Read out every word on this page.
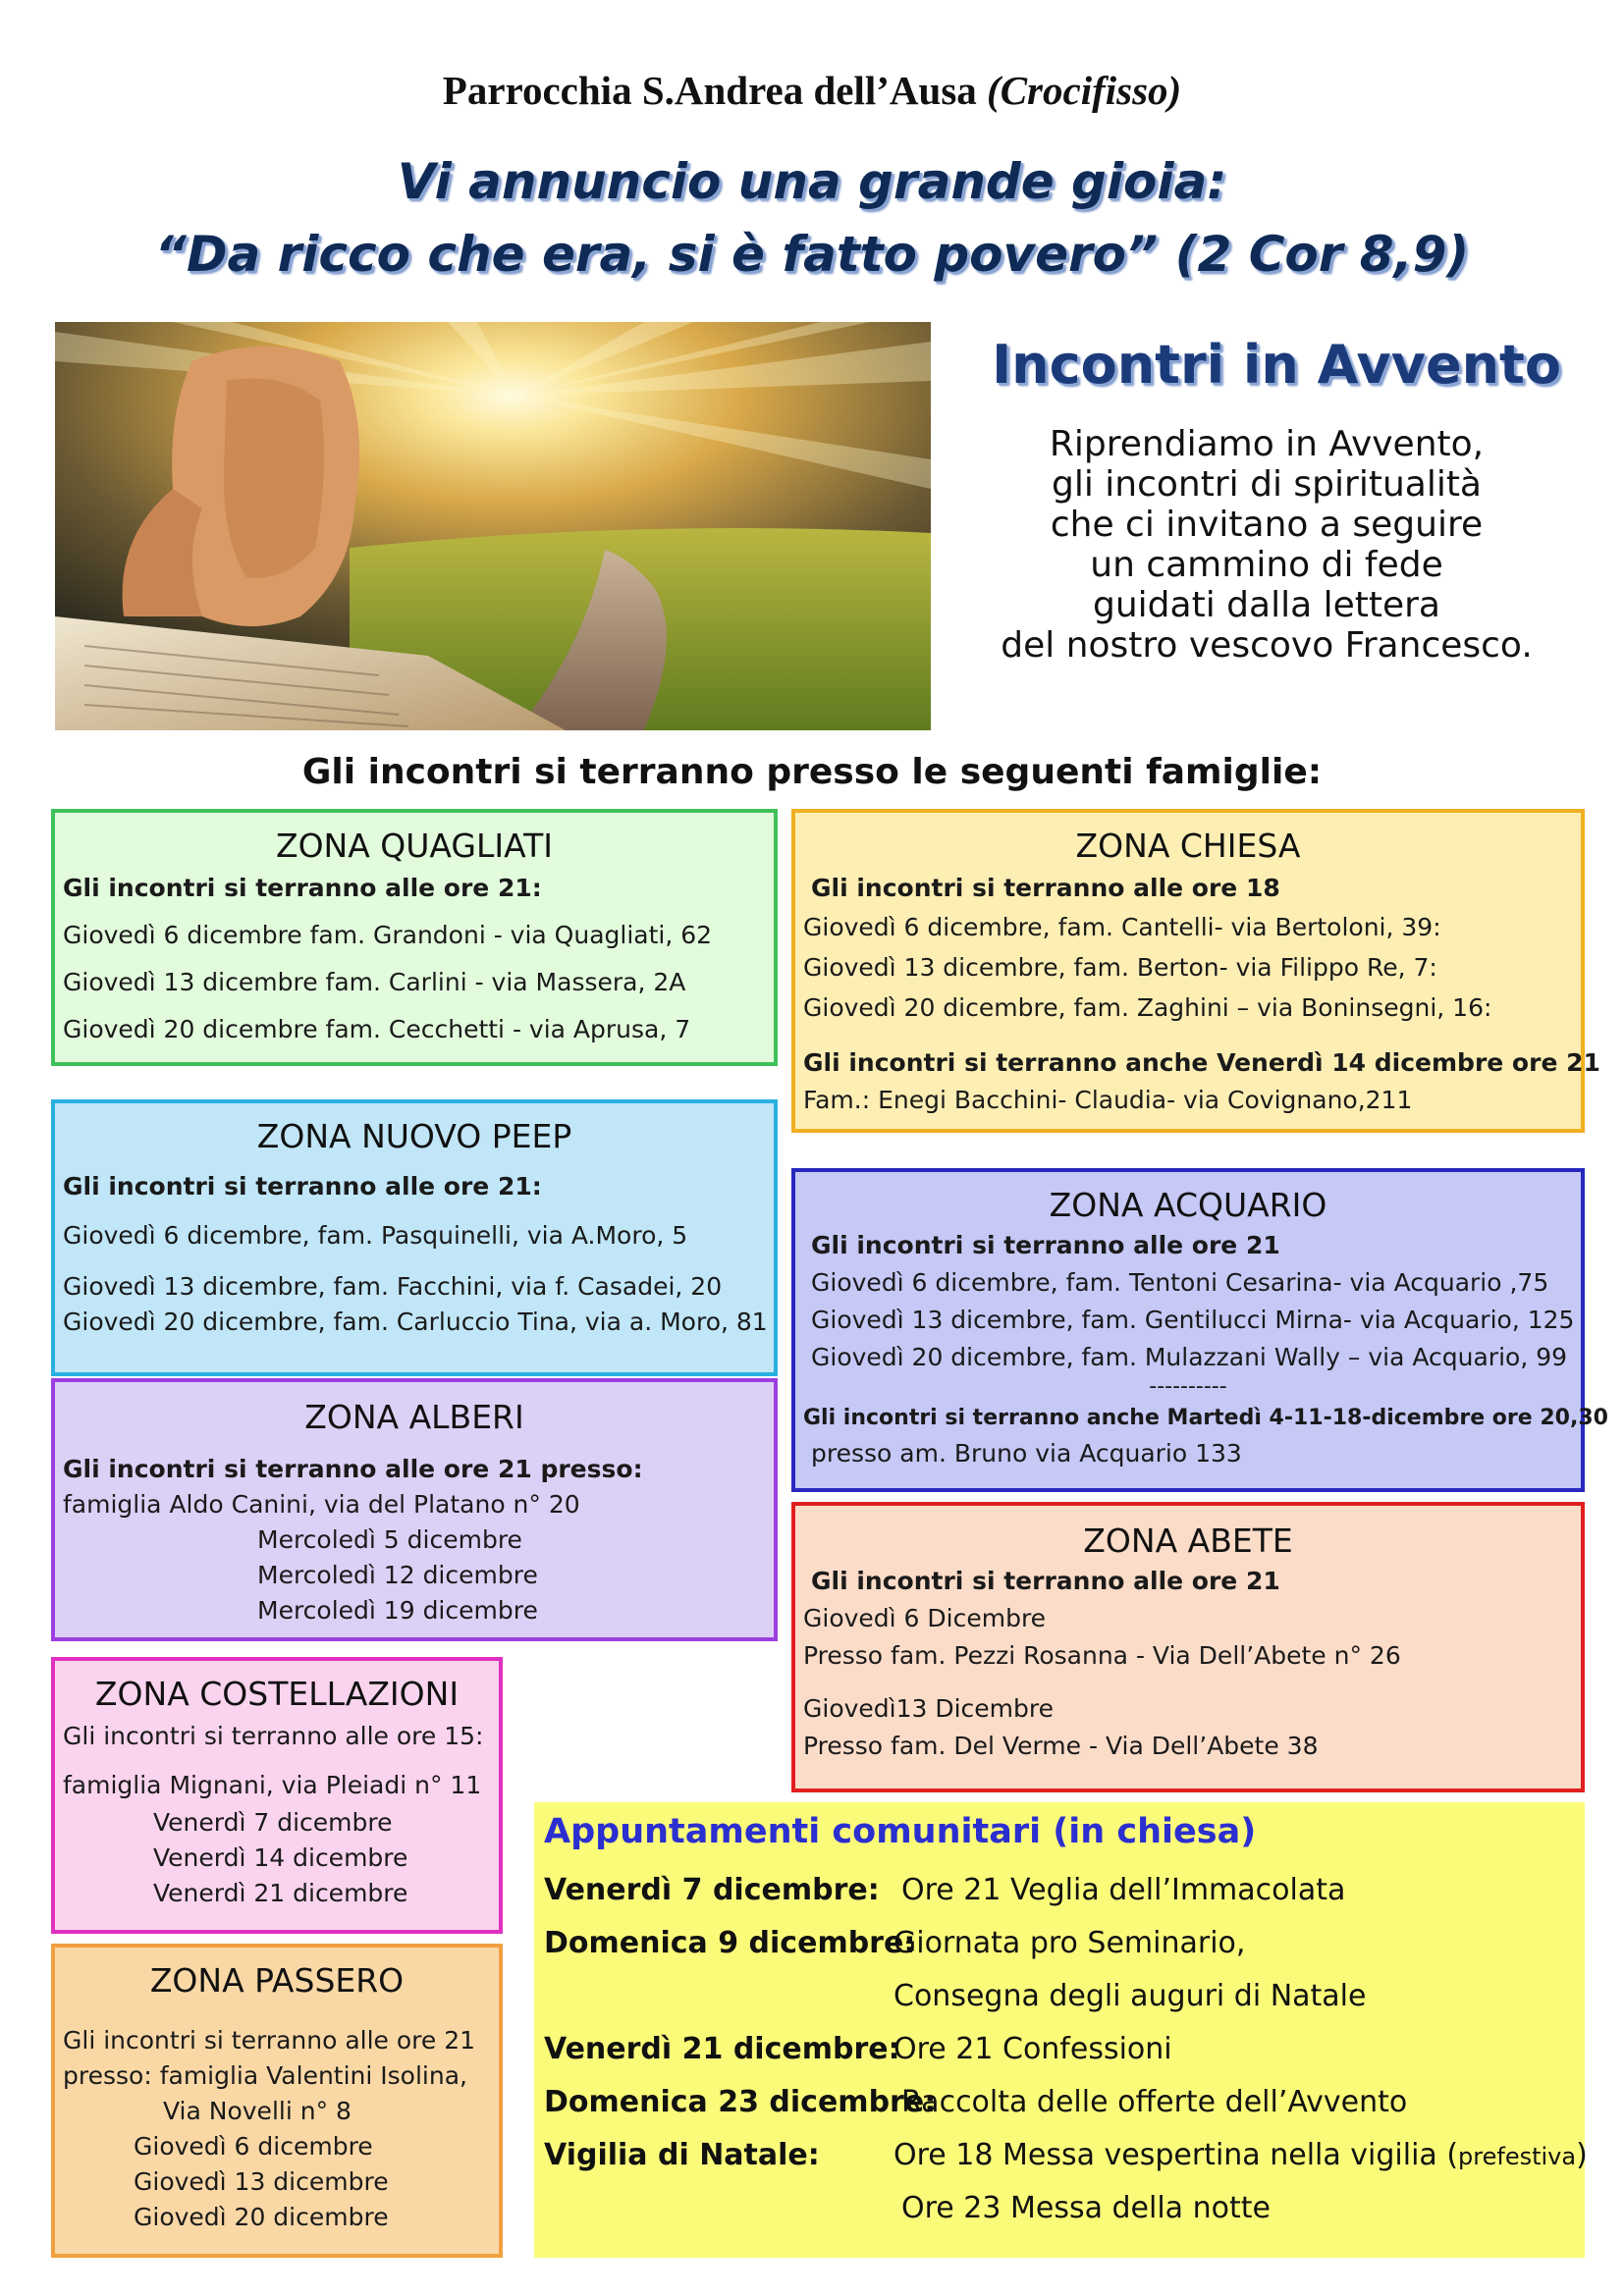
Parrocchia S.Andrea dell’Ausa (Crocifisso)
Vi annuncio una grande gioia:
“Da ricco che era, si è fatto povero” (2 Cor 8,9)
Incontri in Avvento
Riprendiamo in Avvento,
gli incontri di spiritualità
che ci invitano a seguire
un cammino di fede
guidati dalla lettera
del nostro vescovo Francesco.
Gli incontri si terranno presso le seguenti famiglie:
ZONA QUAGLIATI
Gli incontri si terranno alle ore 21:
Giovedì 6 dicembre fam. Grandoni - via Quagliati, 62
Giovedì 13 dicembre fam. Carlini - via Massera, 2A
Giovedì 20 dicembre fam. Cecchetti - via Aprusa, 7
ZONA CHIESA
Gli incontri si terranno alle ore 18
Giovedì 6 dicembre, fam. Cantelli- via Bertoloni, 39:
Giovedì 13 dicembre, fam. Berton- via Filippo Re, 7:
Giovedì 20 dicembre, fam. Zaghini – via Boninsegni, 16:
Gli incontri si terranno anche Venerdì 14 dicembre ore 21
Fam.: Enegi Bacchini- Claudia- via Covignano,211
ZONA NUOVO PEEP
Gli incontri si terranno alle ore 21:
Giovedì 6 dicembre, fam. Pasquinelli, via A.Moro, 5
Giovedì 13 dicembre, fam. Facchini, via f. Casadei, 20
Giovedì 20 dicembre, fam. Carluccio Tina, via a. Moro, 81
ZONA ACQUARIO
Gli incontri si terranno alle ore 21
Giovedì 6 dicembre, fam. Tentoni Cesarina- via Acquario ,75
Giovedì 13 dicembre, fam. Gentilucci Mirna- via Acquario, 125
Giovedì 20 dicembre, fam. Mulazzani Wally – via Acquario, 99
----------
Gli incontri si terranno anche Martedì 4-11-18-dicembre ore 20,30
presso am. Bruno via Acquario 133
ZONA ALBERI
Gli incontri si terranno alle ore 21 presso:
famiglia Aldo Canini, via del Platano n° 20
Mercoledì 5 dicembre
Mercoledì 12 dicembre
Mercoledì 19 dicembre
ZONA ABETE
Gli incontri si terranno alle ore 21
Giovedì 6 Dicembre
Presso fam. Pezzi Rosanna - Via Dell’Abete n° 26
Giovedì13 Dicembre
Presso fam. Del Verme - Via Dell’Abete 38
ZONA COSTELLAZIONI
Gli incontri si terranno alle ore 15:
famiglia Mignani, via Pleiadi n° 11
Venerdì 7 dicembre
Venerdì 14 dicembre
Venerdì 21 dicembre
ZONA PASSERO
Gli incontri si terranno alle ore 21
presso: famiglia Valentini Isolina,
Via Novelli n° 8
Giovedì 6 dicembre
Giovedì 13 dicembre
Giovedì 20 dicembre
Appuntamenti comunitari (in chiesa)
Venerdì 7 dicembre: Ore 21 Veglia dell’Immacolata
Domenica 9 dicembre:
Giornata pro Seminario,
Consegna degli auguri di Natale
Venerdì 21 dicembre:
Ore 21 Confessioni
Domenica 23 dicembre:
Raccolta delle offerte dell’Avvento
Vigilia di Natale:	Ore 18 Messa vespertina nella vigilia (prefestiva)
Ore 23 Messa della notte
